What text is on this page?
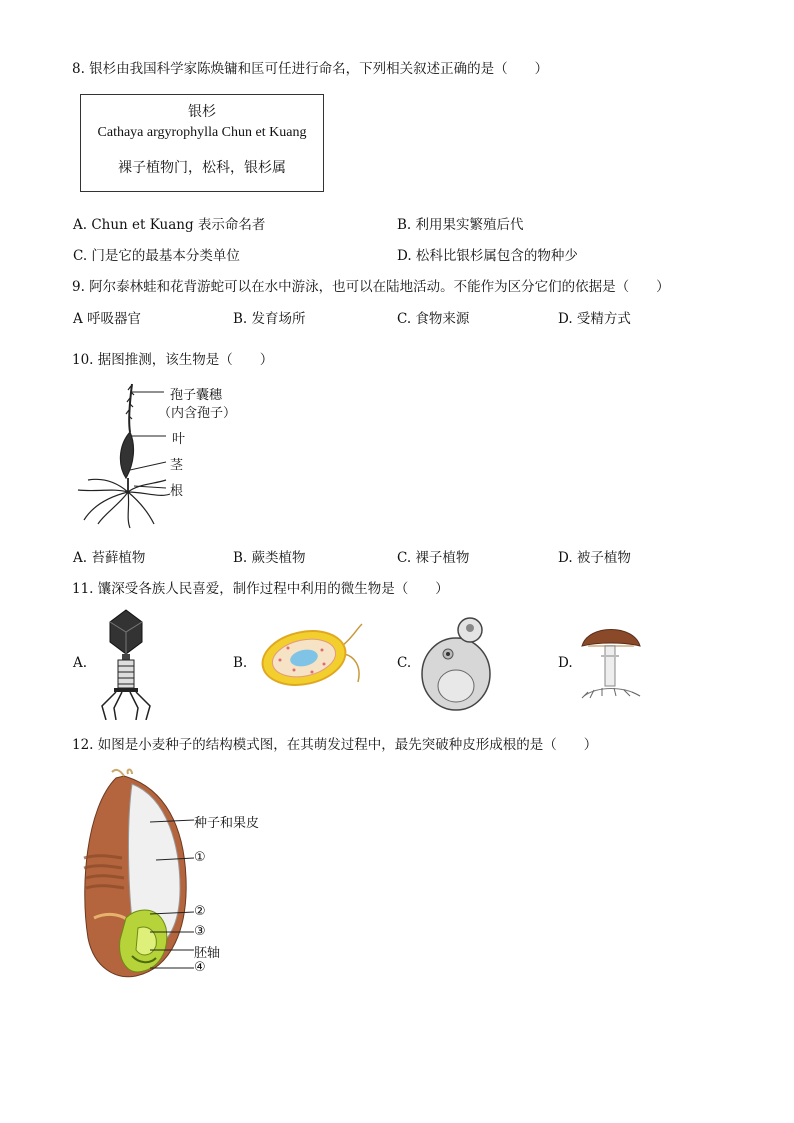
8. 银杉由我国科学家陈焕镛和匡可任进行命名，下列相关叙述正确的是（　　）
银杉
Cathaya argyrophylla Chun et Kuang
裸子植物门，松科，银杉属
A. Chun et Kuang 表示命名者	B. 利用果实繁殖后代
C. 门是它的最基本分类单位	D. 松科比银杉属包含的物种少
9. 阿尔泰林蛙和花背游蛇可以在水中游泳，也可以在陆地活动。不能作为区分它们的依据是（　　）
A 呼吸器官	B. 发育场所	C. 食物来源	D. 受精方式
10. 据图推测，该生物是（　　）
孢子囊穗
（内含孢子）
叶
茎
根
A. 苔藓植物	B. 蕨类植物	C. 裸子植物	D. 被子植物
11. 馕深受各族人民喜爱，制作过程中利用的微生物是（　　）
A.	B.	C.	D.
12. 如图是小麦种子的结构模式图，在其萌发过程中，最先突破种皮形成根的是（　　）
种子和果皮
①
②
③
胚轴
④
